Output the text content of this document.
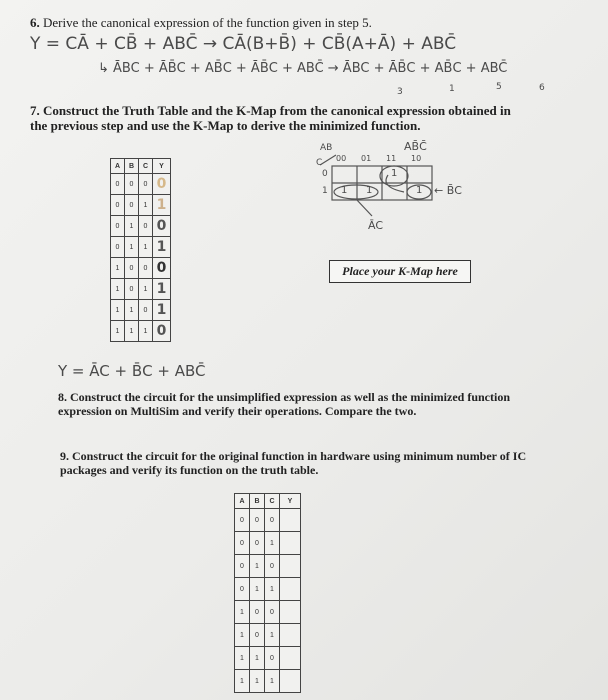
6. Derive the canonical expression of the function given in step 5.
Y = CĀ + CB̄ + ABC̄ → CĀ(B+B̄) + CB̄(A+Ā) + ABC̄
↳ ĀBC + ĀB̄C + AB̄C + ĀB̄C + ABC̄ → ĀBC + ĀB̄C + AB̄C + ABC̄
3	1	5	6
7. Construct the Truth Table and the K-Map from the canonical expression obtained in the previous step and use the K-Map to derive the minimized function.
A	B	C	Y
0	0	0	0
0	0	1	1
0	1	0	0
0	1	1	1
1	0	0	0
1	0	1	1
1	1	0	1
1	1	1	0
AB̄C̄
AB
C 00 01 11 10
0
1
1
1 1	1 ← B̄C
ĀC
Place your K-Map here
Y = ĀC + B̄C + ABC̄
8. Construct the circuit for the unsimplified expression as well as the minimized function expression on MultiSim and verify their operations. Compare the two.
9. Construct the circuit for the original function in hardware using minimum number of IC packages and verify its function on the truth table.
A	B	C	Y
0	0	0	
0	0	1	
0	1	0	
0	1	1	
1	0	0	
1	0	1	
1	1	0	
1	1	1	
